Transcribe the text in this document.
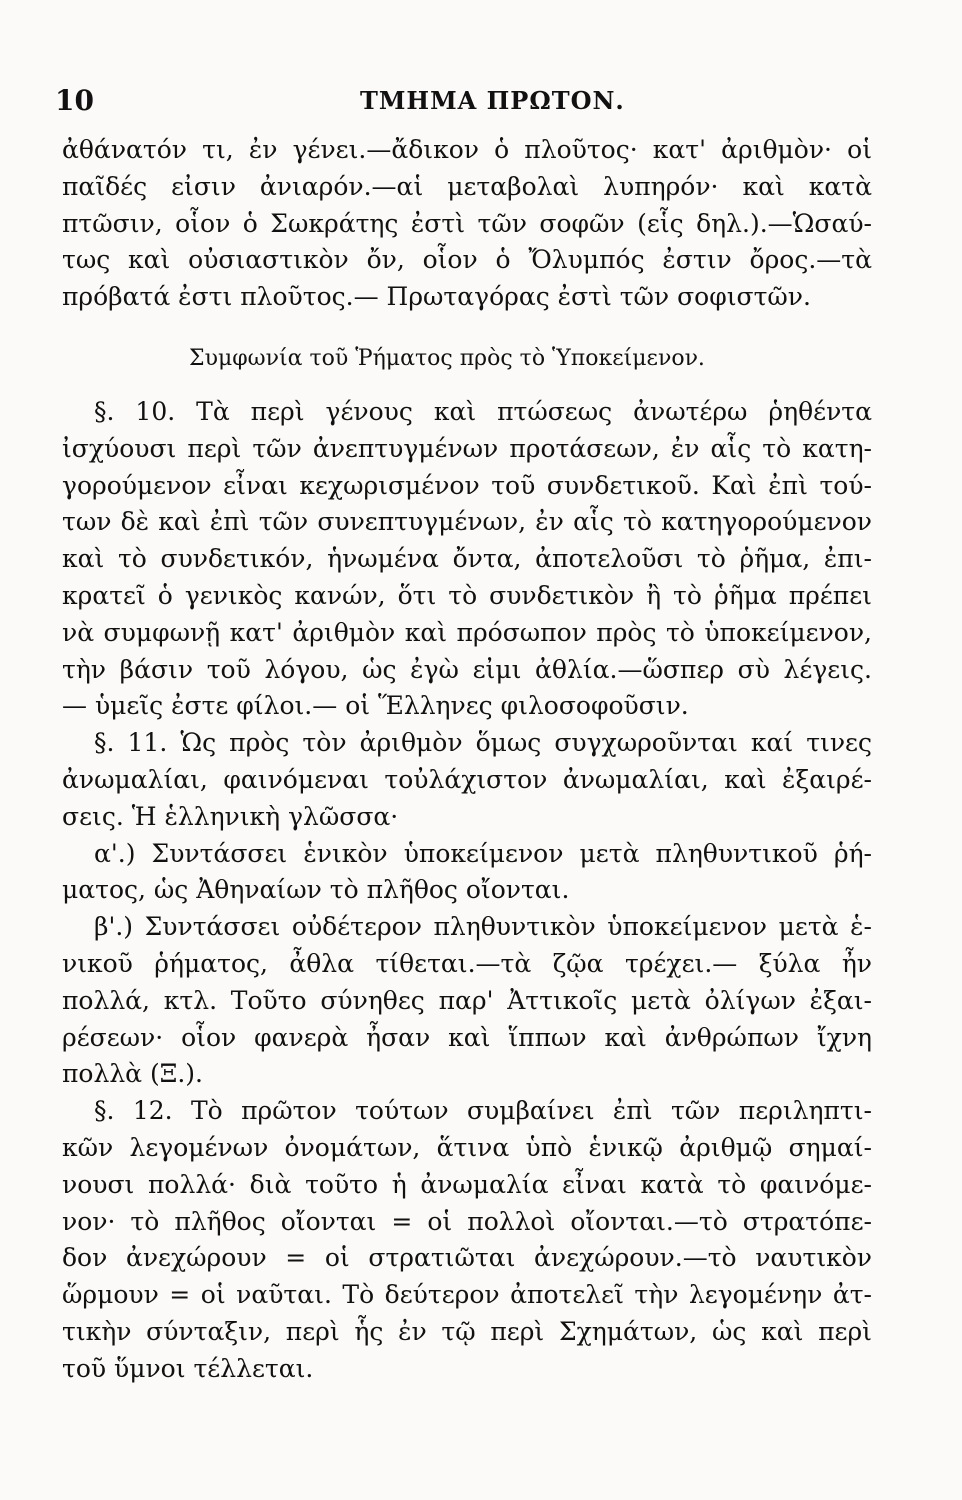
10	ΤΜΗΜΑ ΠΡΩΤΟΝ.
ἀθάνατόν τι, ἐν γένει.—ἄδικον ὁ πλοῦτος· κατ' ἀριθμὸν· οἱ
παῖδές εἰσιν ἀνιαρόν.—αἱ μεταβολαὶ λυπηρόν· καὶ κατὰ
πτῶσιν, οἷον ὁ Σωκράτης ἐστὶ τῶν σοφῶν (εἷς δηλ.).—Ὡσαύ-
τως καὶ οὐσιαστικὸν ὄν, οἷον ὁ Ὄλυμπός ἐστιν ὄρος.—τὰ
πρόβατά ἐστι πλοῦτος.— Πρωταγόρας ἐστὶ τῶν σοφιστῶν.
Συμφωνία τοῦ Ῥήματος πρὸς τὸ Ὑποκείμενον.
§. 10. Τὰ περὶ γένους καὶ πτώσεως ἀνωτέρω ῥηθέντα
ἰσχύουσι περὶ τῶν ἀνεπτυγμένων προτάσεων, ἐν αἷς τὸ κατη-
γορούμενον εἶναι κεχωρισμένον τοῦ συνδετικοῦ. Καὶ ἐπὶ τού-
των δὲ καὶ ἐπὶ τῶν συνεπτυγμένων, ἐν αἷς τὸ κατηγορούμενον
καὶ τὸ συνδετικόν, ἡνωμένα ὄντα, ἀποτελοῦσι τὸ ῥῆμα, ἐπι-
κρατεῖ ὁ γενικὸς κανών, ὅτι τὸ συνδετικὸν ἢ τὸ ῥῆμα πρέπει
νὰ συμφωνῇ κατ' ἀριθμὸν καὶ πρόσωπον πρὸς τὸ ὑποκείμενον,
τὴν βάσιν τοῦ λόγου, ὡς ἐγὼ εἰμι ἀθλία.—ὥσπερ σὺ λέγεις.
— ὑμεῖς ἐστε φίλοι.— οἱ Ἕλληνες φιλοσοφοῦσιν.
§. 11. Ὡς πρὸς τὸν ἀριθμὸν ὅμως συγχωροῦνται καί τινες
ἀνωμαλίαι, φαινόμεναι τοὐλάχιστον ἀνωμαλίαι, καὶ ἐξαιρέ-
σεις. Ἡ ἑλληνικὴ γλῶσσα·
α'.) Συντάσσει ἑνικὸν ὑποκείμενον μετὰ πληθυντικοῦ ῥή-
ματος, ὡς Ἀθηναίων τὸ πλῆθος οἴονται.
β'.) Συντάσσει οὐδέτερον πληθυντικὸν ὑποκείμενον μετὰ ἑ-
νικοῦ ῥήματος, ἆθλα τίθεται.—τὰ ζῷα τρέχει.— ξύλα ἦν
πολλά, κτλ. Τοῦτο σύνηθες παρ' Ἀττικοῖς μετὰ ὀλίγων ἐξαι-
ρέσεων· οἷον φανερὰ ἦσαν καὶ ἵππων καὶ ἀνθρώπων ἴχνη
πολλὰ (Ξ.).
§. 12. Τὸ πρῶτον τούτων συμβαίνει ἐπὶ τῶν περιληπτι-
κῶν λεγομένων ὀνομάτων, ἅτινα ὑπὸ ἑνικῷ ἀριθμῷ σημαί-
νουσι πολλά· διὰ τοῦτο ἡ ἀνωμαλία εἶναι κατὰ τὸ φαινόμε-
νον· τὸ πλῆθος οἴονται = οἱ πολλοὶ οἴονται.—τὸ στρατόπε-
δον ἀνεχώρουν = οἱ στρατιῶται ἀνεχώρουν.—τὸ ναυτικὸν
ὥρμουν = οἱ ναῦται. Τὸ δεύτερον ἀποτελεῖ τὴν λεγομένην ἀτ-
τικὴν σύνταξιν, περὶ ἧς ἐν τῷ περὶ Σχημάτων, ὡς καὶ περὶ
τοῦ ὕμνοι τέλλεται.
